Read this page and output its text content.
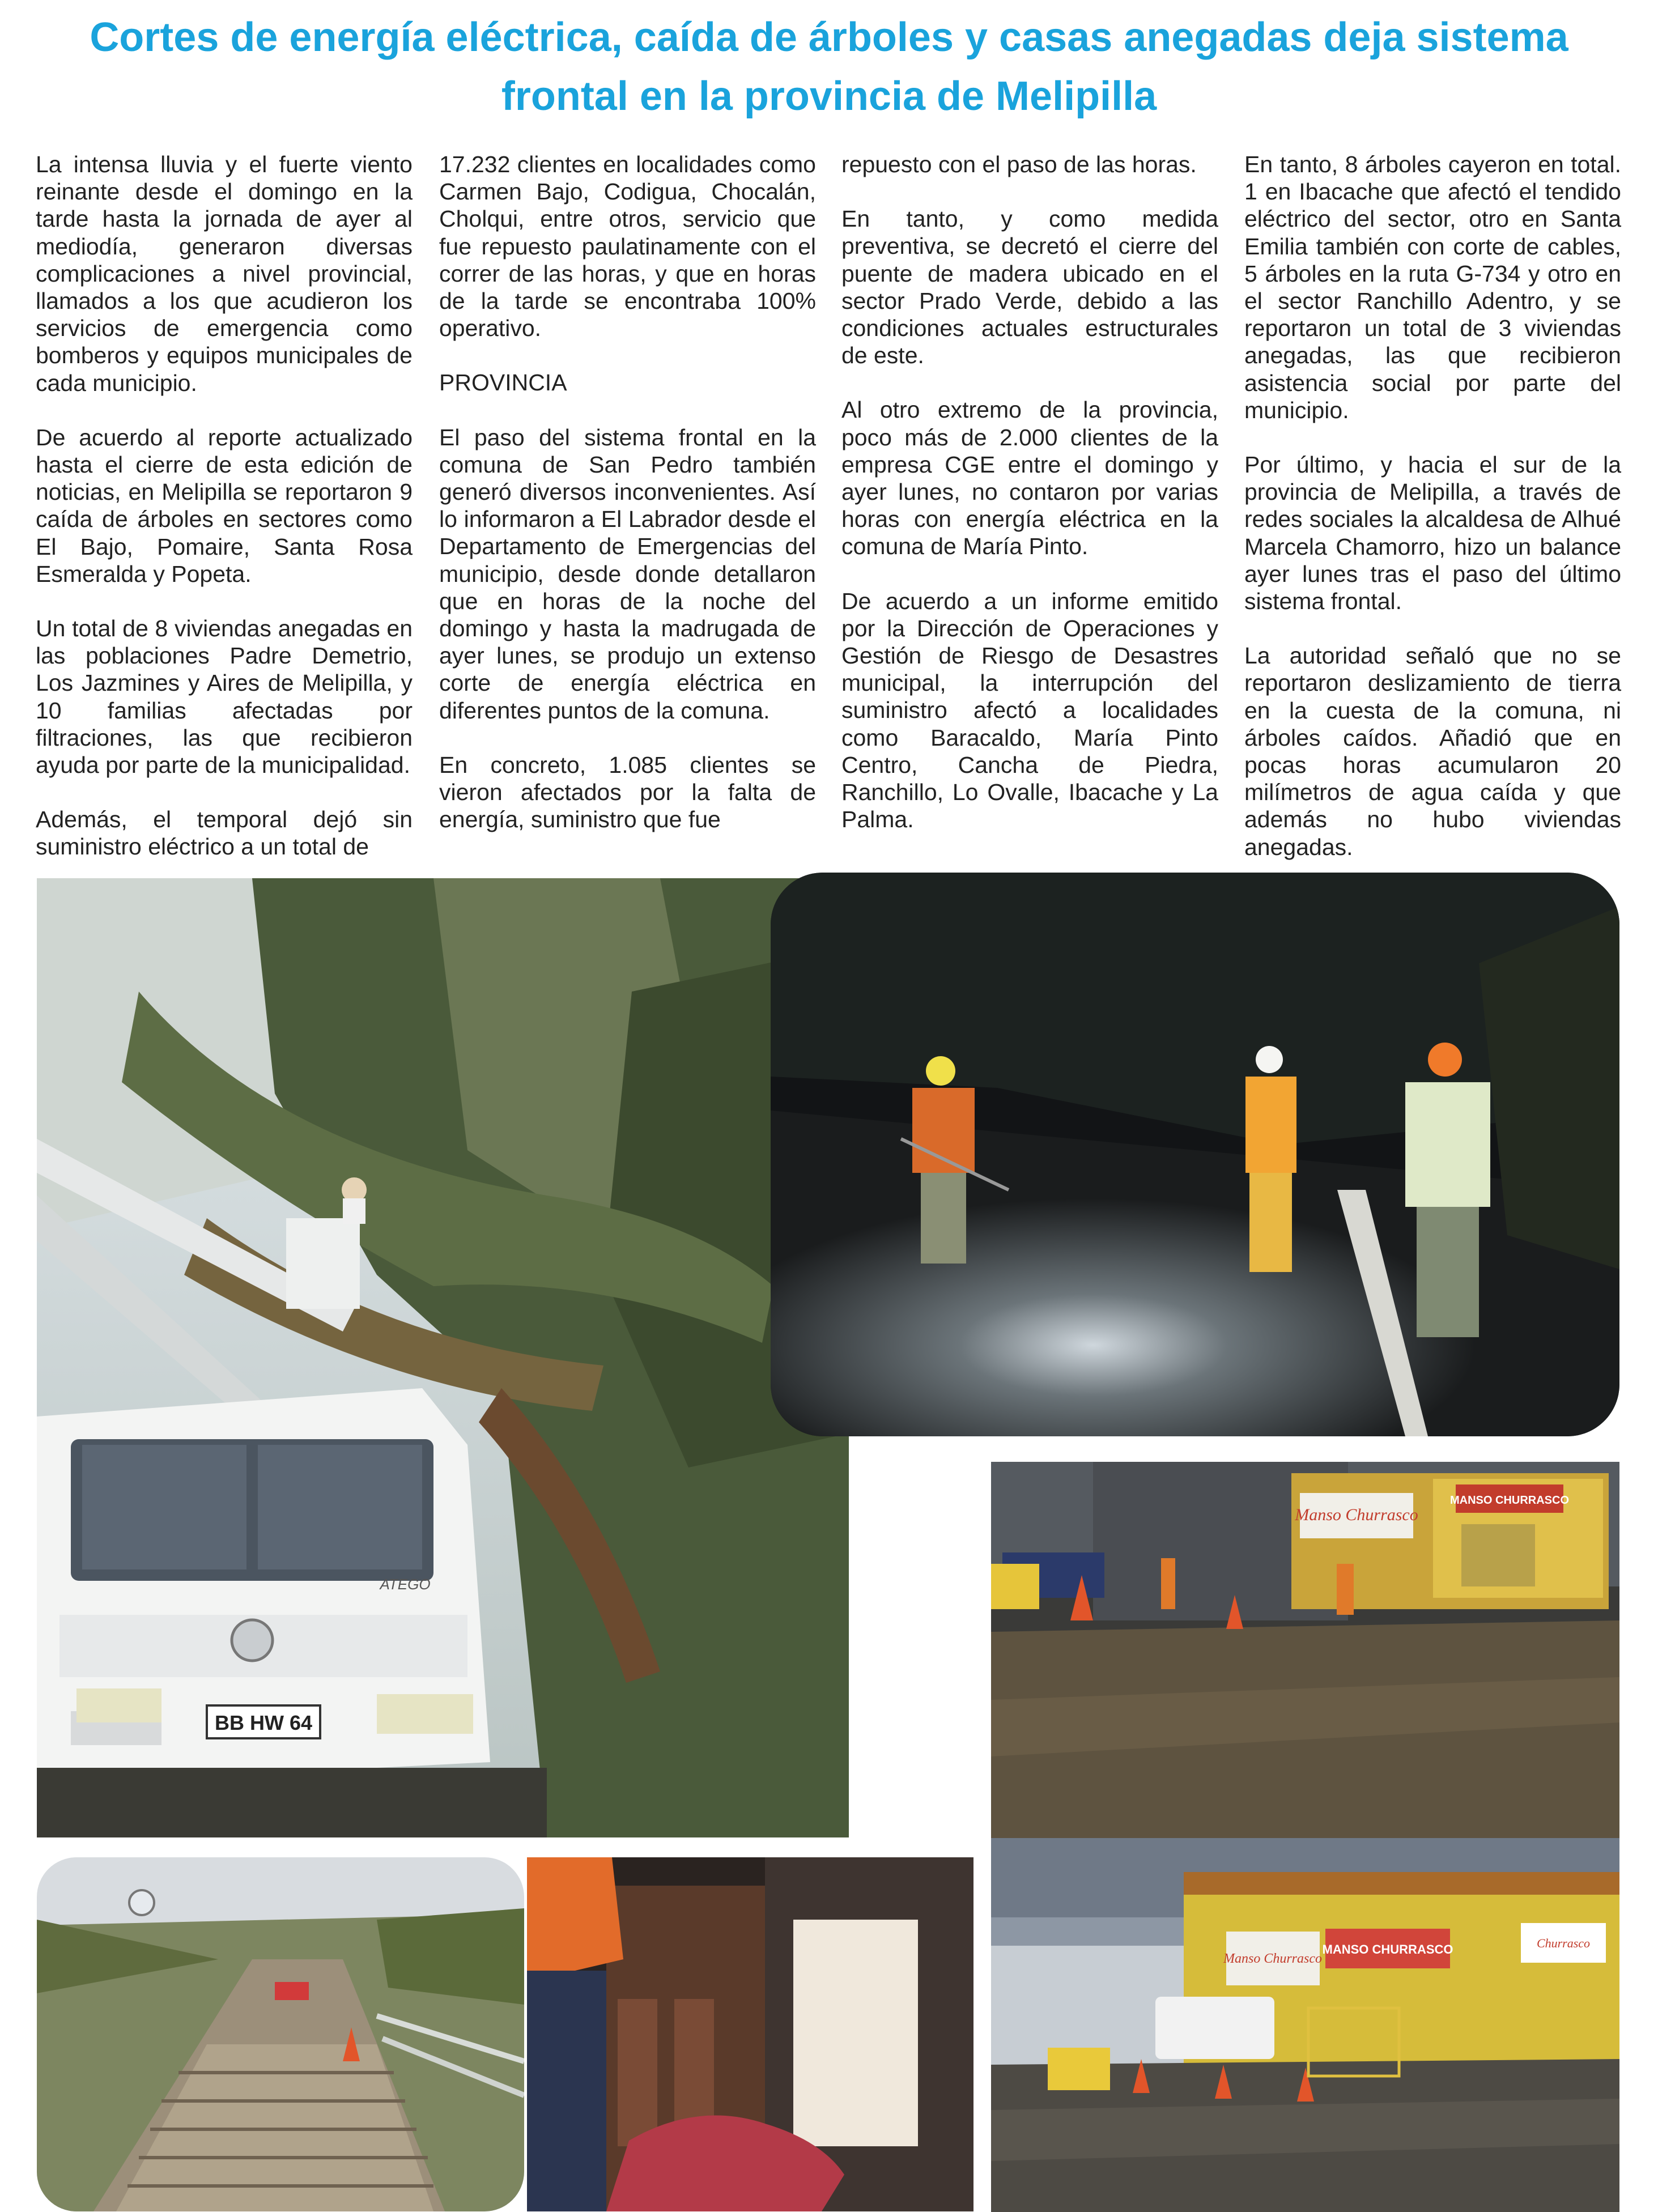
Cortes de energía eléctrica, caída de árboles y casas anegadas deja sistema frontal en la provincia de Melipilla

La intensa lluvia y el fuerte viento reinante desde el domingo en la tarde hasta la jornada de ayer al mediodía, generaron diversas complicaciones a nivel provincial, llamados a los que acudieron los servicios de emergencia como bomberos y equipos municipales de cada municipio.

De acuerdo al reporte actualizado hasta el cierre de esta edición de noticias, en Melipilla se reportaron 9 caída de árboles en sectores como El Bajo, Pomaire, Santa Rosa Esmeralda y Popeta.

Un total de 8 viviendas anegadas en las poblaciones Padre Demetrio, Los Jazmines y Aires de Melipilla, y 10 familias afectadas por filtraciones, las que recibieron ayuda por parte de la municipalidad.

Además, el temporal dejó sin suministro eléctrico a un total de

17.232 clientes en localidades como Carmen Bajo, Codigua, Chocalán, Cholqui, entre otros, servicio que fue repuesto paulatinamente con el correr de las horas, y que en horas de la tarde se encontraba 100% operativo.

PROVINCIA

El paso del sistema frontal en la comuna de San Pedro también generó diversos inconvenientes. Así lo informaron a El Labrador desde el Departamento de Emergencias del municipio, desde donde detallaron que en horas de la noche del domingo y hasta la madrugada de ayer lunes, se produjo un extenso corte de energía eléctrica en diferentes puntos de la comuna.

En concreto, 1.085 clientes se vieron afectados por la falta de energía, suministro que fue

repuesto con el paso de las horas.

En tanto, y como medida preventiva, se decretó el cierre del puente de madera ubicado en el sector Prado Verde, debido a las condiciones actuales estructurales de este.

Al otro extremo de la provincia, poco más de 2.000 clientes de la empresa CGE entre el domingo y ayer lunes, no contaron por varias horas con energía eléctrica en la comuna de María Pinto.

De acuerdo a un informe emitido por la Dirección de Operaciones y Gestión de Riesgo de Desastres municipal, la interrupción del suministro afectó a localidades como Baracaldo, María Pinto Centro, Cancha de Piedra, Ranchillo, Lo Ovalle, Ibacache y La Palma.

En tanto, 8 árboles cayeron en total. 1 en Ibacache que afectó el tendido eléctrico del sector, otro en Santa Emilia también con corte de cables, 5 árboles en la ruta G-734 y otro en el sector Ranchillo Adentro, y se reportaron un total de 3 viviendas anegadas, las que recibieron asistencia social por parte del municipio.

Por último, y hacia el sur de la provincia de Melipilla, a través de redes sociales la alcaldesa de Alhué Marcela Chamorro, hizo un balance ayer lunes tras el paso del último sistema frontal.

La autoridad señaló que no se reportaron deslizamiento de tierra en la cuesta de la comuna, ni árboles caídos. Añadió que en pocas horas acumularon 20 milímetros de agua caída y que además no hubo viviendas anegadas.

BB HW 64
ATEGO
Manso Churrasco
MANSO CHURRASCO
MANSO CHURRASCO	Churrasco
Manso Churrasco
